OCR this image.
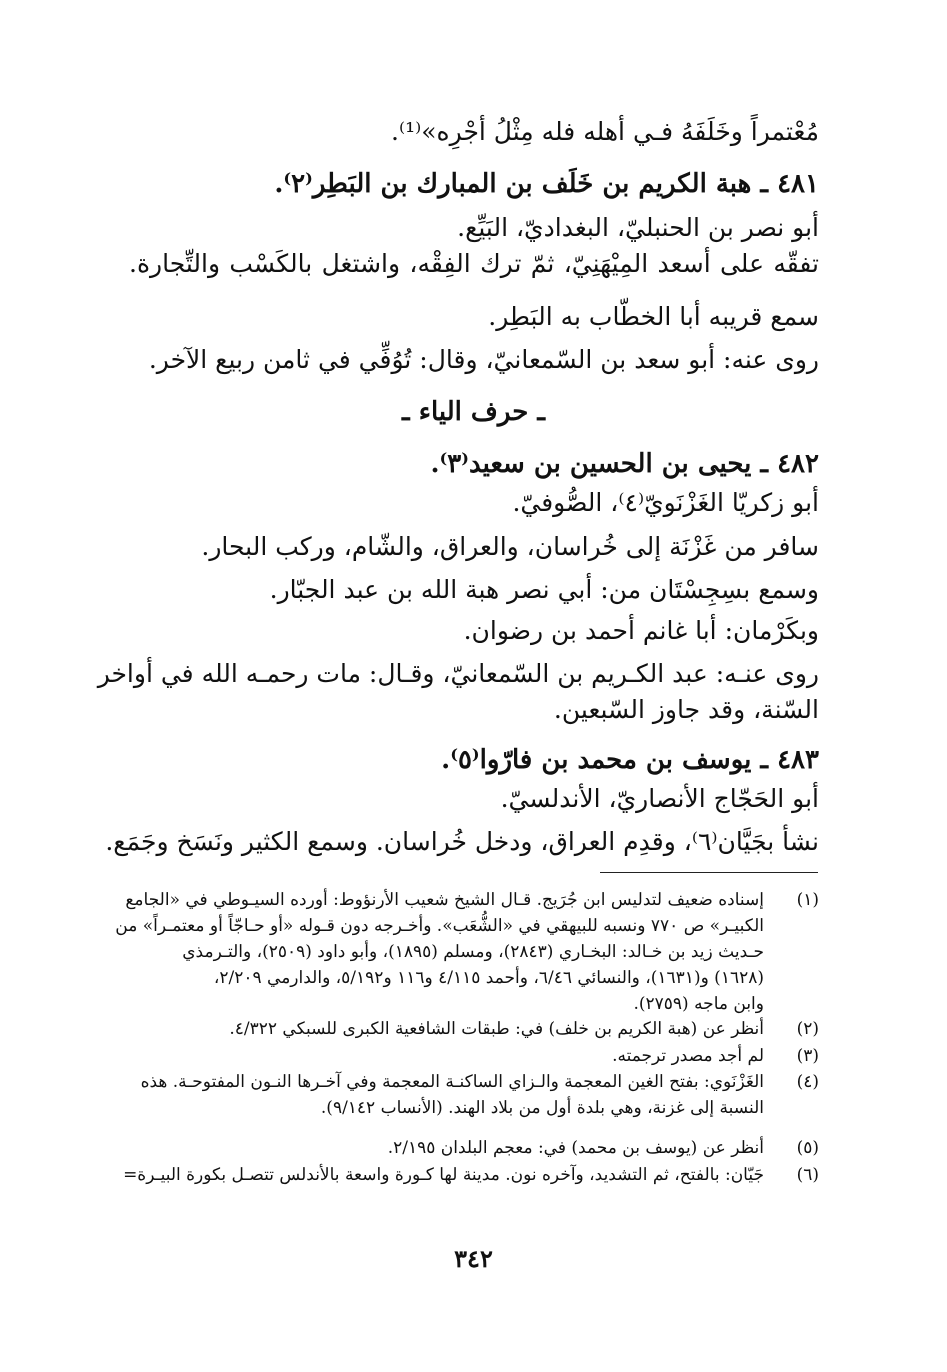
مُعْتمراً وخَلَفَهُ فـي أهله فله مِثْلُ أجْرِه»⁽¹⁾.
٤٨١ ـ هبة الكريم بن خَلَف بن المبارك بن البَطِر⁽٢⁾.
أبو نصر بن الحنبليّ، البغداديّ، البَيِّع.
تفقّه على أسعد المِيْهَنِيّ، ثمّ ترك الفِقْه، واشتغل بالكَسْب والتِّجارة.
سمع قريبه أبا الخطّاب به البَطِر.
روى عنه: أبو سعد بن السّمعانيّ، وقال: تُوُفِّي في ثامن ربيع الآخر.
ـ حرف الياء ـ
٤٨٢ ـ يحيى بن الحسين بن سعيد⁽٣⁾.
أبو زكريّا الغَزْنَويّ⁽٤⁾، الصُّوفيّ.
سافر من غَزْنَة إلى خُراسان، والعراق، والشّام، وركب البحار.
وسمع بسِجِسْتَان من: أبي نصر هبة الله بن عبد الجبّار.
وبكَرْمان: أبا غانم أحمد بن رضوان.
روى عنـه: عبد الكـريم بن السّمعانيّ، وقـال: مات رحمـه الله في أواخر
السّنة، وقد جاوز السّبعين.
٤٨٣ ـ يوسف بن محمد بن فارّوا⁽٥⁾.
أبو الحَجّاج الأنصاريّ، الأندلسيّ.
نشأ بجَيَّان⁽٦⁾، وقدِم العراق، ودخل خُراسان. وسمع الكثير ونَسَخ وجَمَع.
(١)
إسناده ضعيف لتدليس ابن جُرَيج. قـال الشيخ شعيب الأرنؤوط: أورده السيـوطي في «الجامع
الكبيـر» ص ٧٧٠ ونسبه للبيهقي في «الشُّعَب». وأخـرجه دون قـوله «أو حـاجّاً أو معتمـراً» من
حـديث زيد بن خـالد: البخـاري (٢٨٤٣)، ومسلم (١٨٩٥)، وأبو داود (٢٥٠٩)، والتـرمذي
(١٦٢٨) و(١٦٣١)، والنسائي ٦/٤٦، وأحمد ٤/١١٥ و١١٦ و٥/١٩٢، والدارمي ٢/٢٠٩،
وابن ماجه (٢٧٥٩).
(٢)
أنظر عن (هبة الكريم بن خلف) في: طبقات الشافعية الكبرى للسبكي ٤/٣٢٢.
(٣)
لم أجد مصدر ترجمته.
(٤)
الغَزْنَوي: بفتح الغين المعجمة والـزاي الساكنـة المعجمة وفي آخـرها النـون المفتوحـة. هذه
النسبة إلى غزنة، وهي بلدة أول من بلاد الهند. (الأنساب ٩/١٤٢).
(٥)
أنظر عن (يوسف بن محمد) في: معجم البلدان ٢/١٩٥.
(٦)
جَيّان: بالفتح، ثم التشديد، وآخره نون. مدينة لها كـورة واسعة بالأندلس تتصـل بكورة البيـرة=
٣٤٢
